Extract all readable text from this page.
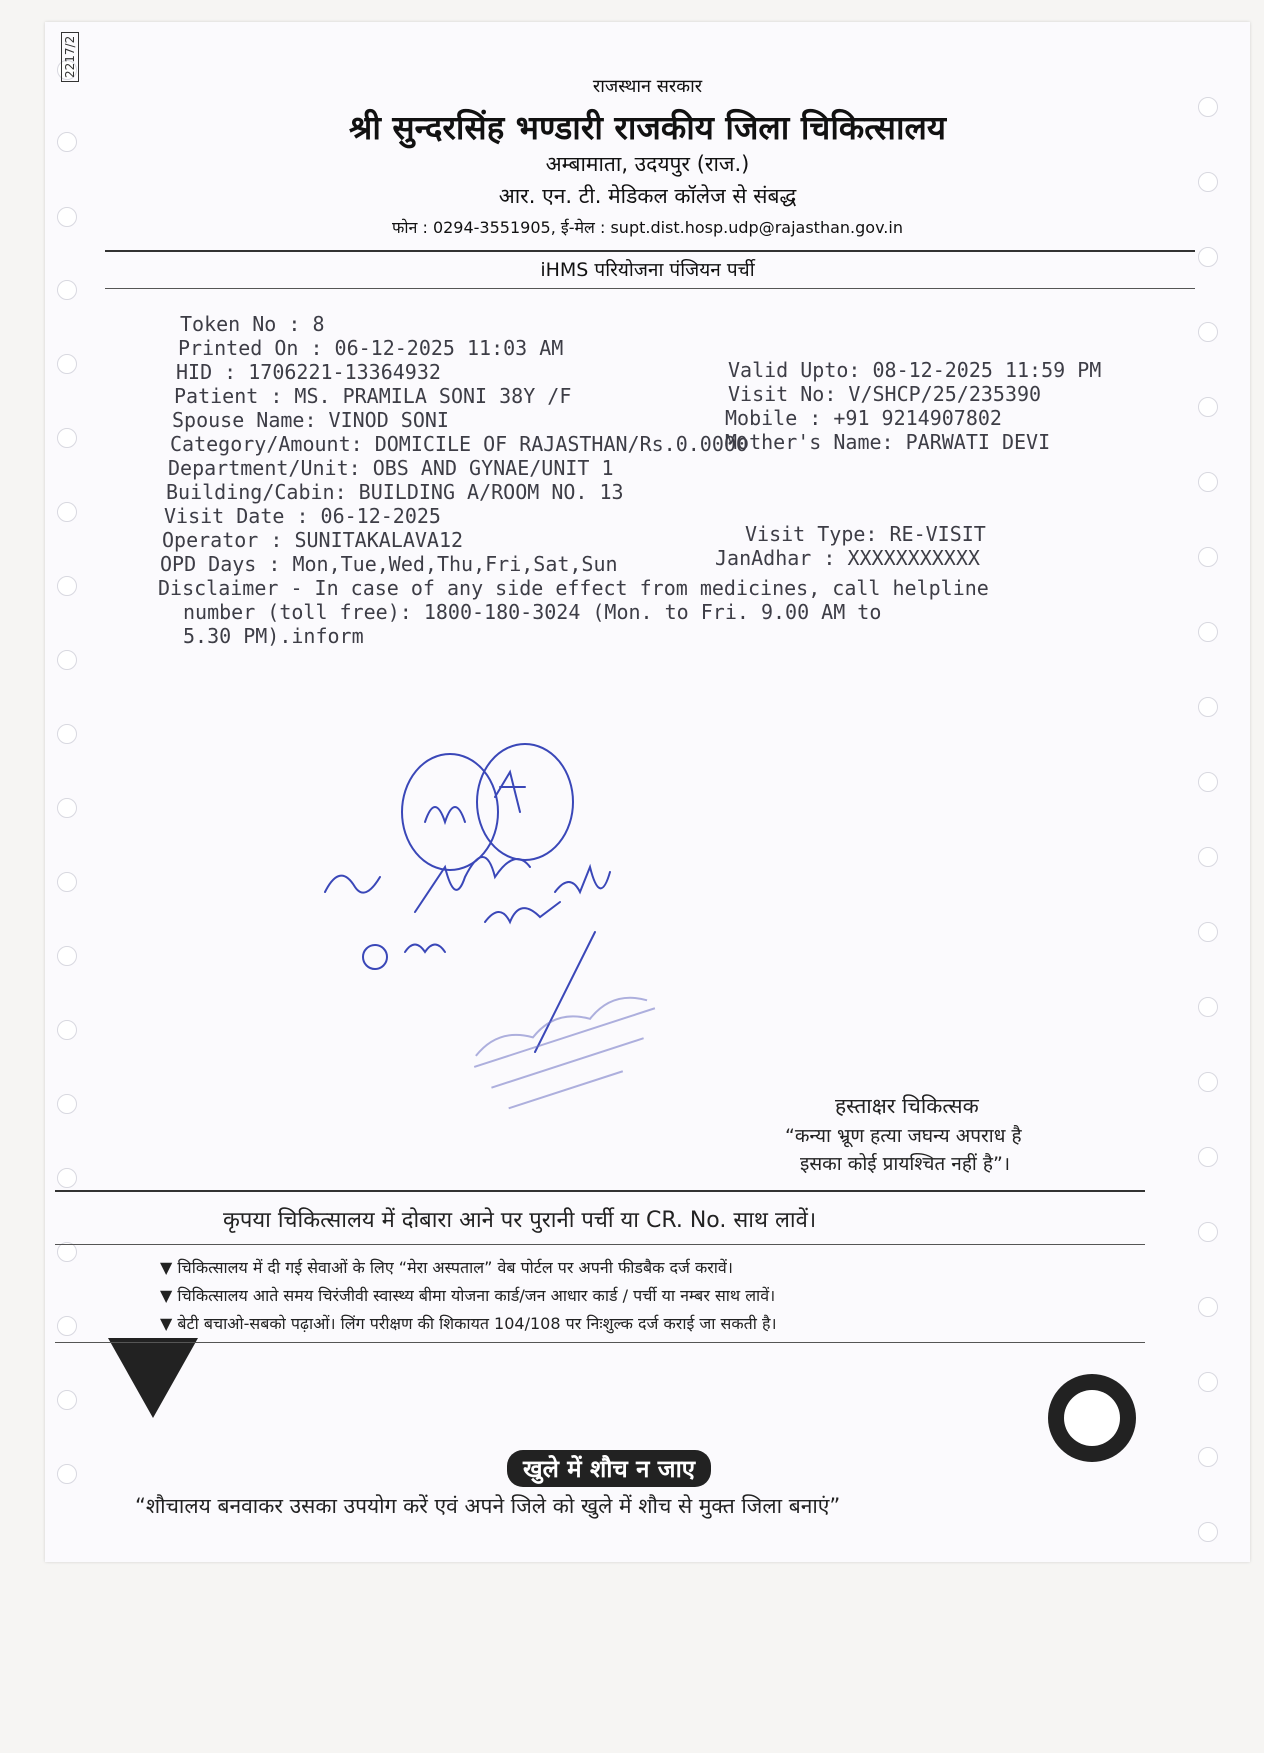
2217/2
राजस्थान सरकार
श्री सुन्दरसिंह भण्डारी राजकीय जिला चिकित्सालय
अम्बामाता, उदयपुर (राज.)
आर. एन. टी. मेडिकल कॉलेज से संबद्ध
फोन : 0294-3551905, ई-मेल : supt.dist.hosp.udp@rajasthan.gov.in
iHMS परियोजना पंजियन पर्ची
Token No : 8
Printed On : 06-12-2025 11:03 AM
Valid Upto: 08-12-2025 11:59 PM
HID : 1706221-13364932
Visit No: V/SHCP/25/235390
Patient : MS. PRAMILA SONI 38Y /F
Mobile : +91 9214907802
Spouse Name: VINOD SONI
Mother's Name: PARWATI DEVI
Category/Amount: DOMICILE OF RAJASTHAN/Rs.0.0000
Department/Unit: OBS AND GYNAE/UNIT 1
Building/Cabin: BUILDING A/ROOM NO. 13
Visit Date : 06-12-2025
Visit Type: RE-VISIT
Operator : SUNITAKALAVA12
JanAdhar : XXXXXXXXXXX
OPD Days : Mon,Tue,Wed,Thu,Fri,Sat,Sun
Disclaimer - In case of any side effect from medicines, call helpline
number (toll free): 1800-180-3024 (Mon. to Fri. 9.00 AM to
5.30 PM).inform
हस्ताक्षर चिकित्सक
“कन्या भ्रूण हत्या जघन्य अपराध है
इसका कोई प्रायश्चित नहीं है”।
कृपया चिकित्सालय में दोबारा आने पर पुरानी पर्ची या CR. No. साथ लावें।
▼ चिकित्सालय में दी गई सेवाओं के लिए “मेरा अस्पताल” वेब पोर्टल पर अपनी फीडबैक दर्ज करावें।
▼ चिकित्सालय आते समय चिरंजीवी स्वास्थ्य बीमा योजना कार्ड/जन आधार कार्ड / पर्ची या नम्बर साथ लावें।
▼ बेटी बचाओ-सबको पढ़ाओं। लिंग परीक्षण की शिकायत 104/108 पर निःशुल्क दर्ज कराई जा सकती है।
खुले में शौच न जाए
“शौचालय बनवाकर उसका उपयोग करें एवं अपने जिले को खुले में शौच से मुक्त जिला बनाएं”
